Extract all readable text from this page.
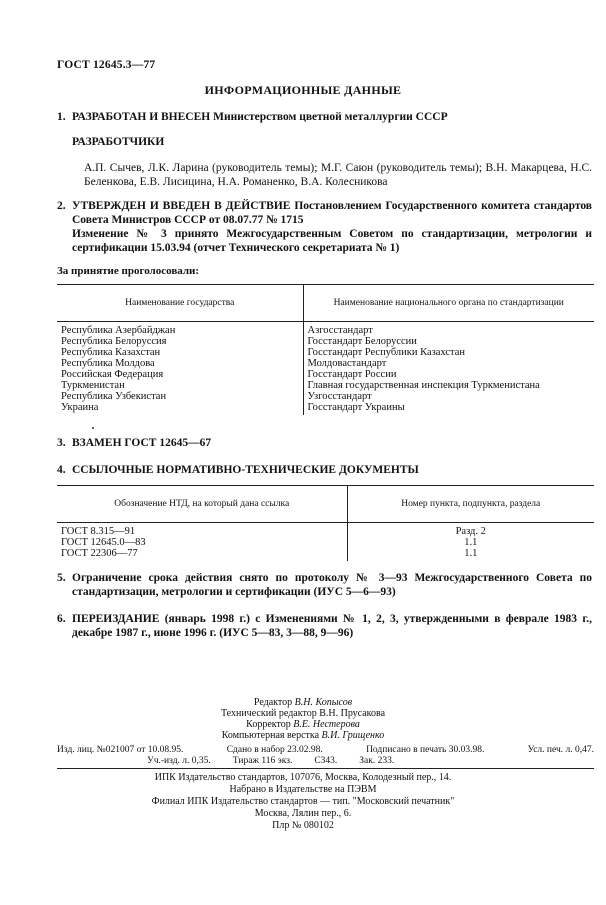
ГОСТ 12645.3—77
ИНФОРМАЦИОННЫЕ ДАННЫЕ
1. РАЗРАБОТАН И ВНЕСЕН Министерством цветной металлургии СССР
РАЗРАБОТЧИКИ
А.П. Сычев, Л.К. Ларина (руководитель темы); М.Г. Саюн (руководитель темы); В.Н. Макарцева, Н.С. Беленкова, Е.В. Лисицина, Н.А. Романенко, В.А. Колесникова
2. УТВЕРЖДЕН И ВВЕДЕН В ДЕЙСТВИЕ Постановлением Государственного комитета стандартов Совета Министров СССР от 08.07.77 № 1715
Изменение № 3 принято Межгосударственным Советом по стандартизации, метрологии и сертификации 15.03.94 (отчет Технического секретариата № 1)
За принятие проголосовали:
Наименование государства	Наименование национального органа по стандартизации
Республика Азербайджан	Азгосстандарт
Республика Белоруссия	Госстандарт Белоруссии
Республика Казахстан	Госстандарт Республики Казахстан
Республика Молдова	Молдовастандарт
Российская Федерация	Госстандарт России
Туркменистан	Главная государственная инспекция Туркменистана
Республика Узбекистан	Узгосстандарт
Украина	Госстандарт Украины
3. ВЗАМЕН ГОСТ 12645—67
4. ССЫЛОЧНЫЕ НОРМАТИВНО-ТЕХНИЧЕСКИЕ ДОКУМЕНТЫ
Обозначение НТД, на который дана ссылка	Номер пункта, подпункта, раздела
ГОСТ 8.315—91	Разд. 2
ГОСТ 12645.0—83	1.1
ГОСТ 22306—77	1.1
5. Ограничение срока действия снято по протоколу № 3—93 Межгосударственного Совета по стандартизации, метрологии и сертификации (ИУС 5—6—93)
6. ПЕРЕИЗДАНИЕ (январь 1998 г.) с Изменениями № 1, 2, 3, утвержденными в феврале 1983 г., декабре 1987 г., июне 1996 г. (ИУС 5—83, 3—88, 9—96)
Редактор В.Н. Копысов
Технический редактор В.Н. Прусакова
Корректор В.Е. Нестерова
Компьютерная верстка В.И. Грищенко
Изд. лиц. №021007 от 10.08.95.	Сдано в набор 23.02.98.	Подписано в печать 30.03.98.	Усл. печ. л. 0,47.
Уч.-изд. л. 0,35. Тираж 116 экз. С343. Зак. 233.
ИПК Издательство стандартов, 107076, Москва, Колодезный пер., 14.
Набрано в Издательстве на ПЭВМ
Филиал ИПК Издательство стандартов — тип. "Московский печатник"
Москва, Лялин пер., 6.
Плр № 080102
